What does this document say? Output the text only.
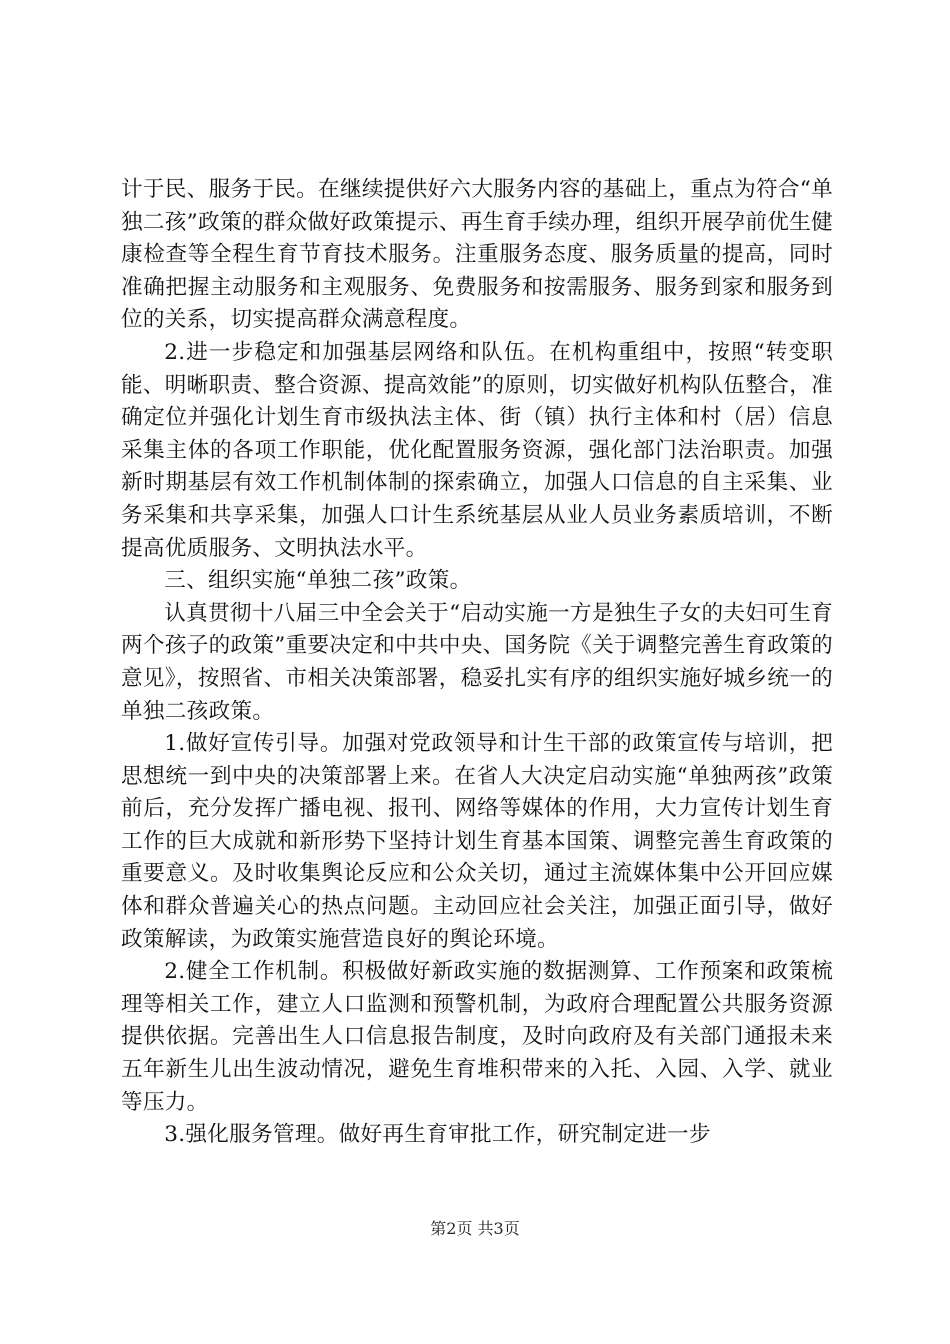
计于民、服务于民。在继续提供好六大服务内容的基础上，重点为符合“单独二孩”政策的群众做好政策提示、再生育手续办理，组织开展孕前优生健康检查等全程生育节育技术服务。注重服务态度、服务质量的提高，同时准确把握主动服务和主观服务、免费服务和按需服务、服务到家和服务到位的关系，切实提高群众满意程度。

2.进一步稳定和加强基层网络和队伍。在机构重组中，按照“转变职能、明晰职责、整合资源、提高效能”的原则，切实做好机构队伍整合，准确定位并强化计划生育市级执法主体、街（镇）执行主体和村（居）信息采集主体的各项工作职能，优化配置服务资源，强化部门法治职责。加强新时期基层有效工作机制体制的探索确立，加强人口信息的自主采集、业务采集和共享采集，加强人口计生系统基层从业人员业务素质培训，不断提高优质服务、文明执法水平。

三、组织实施“单独二孩”政策。

认真贯彻十八届三中全会关于“启动实施一方是独生子女的夫妇可生育两个孩子的政策”重要决定和中共中央、国务院《关于调整完善生育政策的意见》，按照省、市相关决策部署，稳妥扎实有序的组织实施好城乡统一的单独二孩政策。

1.做好宣传引导。加强对党政领导和计生干部的政策宣传与培训，把思想统一到中央的决策部署上来。在省人大决定启动实施“单独两孩”政策前后，充分发挥广播电视、报刊、网络等媒体的作用，大力宣传计划生育工作的巨大成就和新形势下坚持计划生育基本国策、调整完善生育政策的重要意义。及时收集舆论反应和公众关切，通过主流媒体集中公开回应媒体和群众普遍关心的热点问题。主动回应社会关注，加强正面引导，做好政策解读，为政策实施营造良好的舆论环境。

2.健全工作机制。积极做好新政实施的数据测算、工作预案和政策梳理等相关工作，建立人口监测和预警机制，为政府合理配置公共服务资源提供依据。完善出生人口信息报告制度，及时向政府及有关部门通报未来五年新生儿出生波动情况，避免生育堆积带来的入托、入园、入学、就业等压力。

3.强化服务管理。做好再生育审批工作，研究制定进一步

第2页 共3页
